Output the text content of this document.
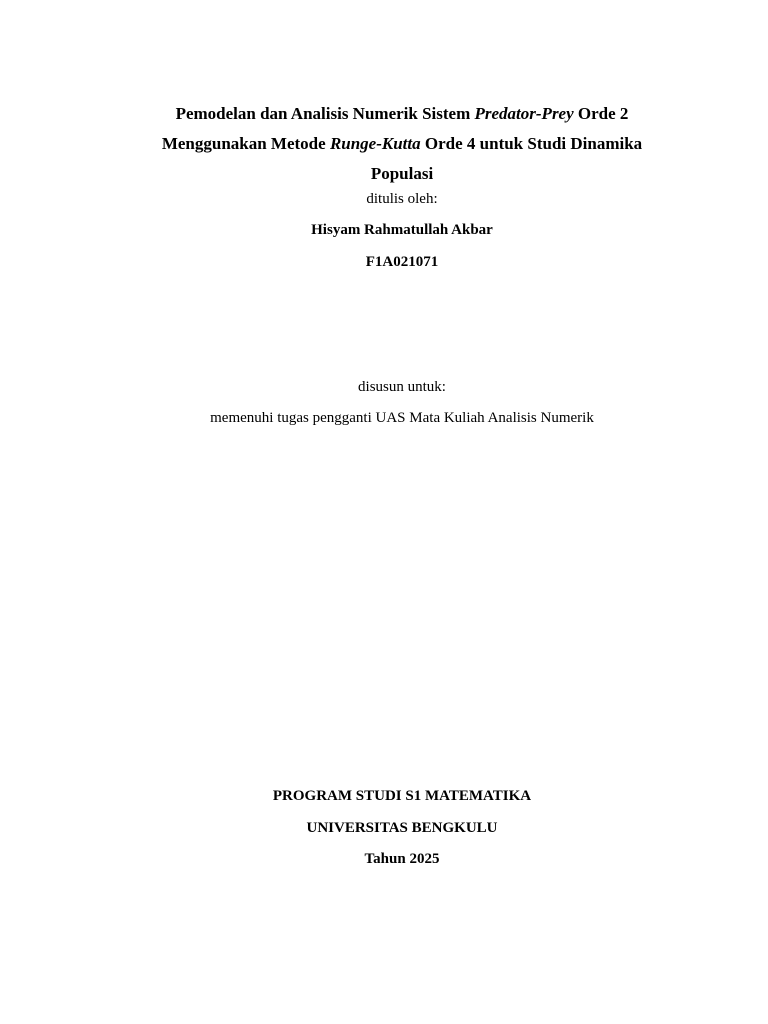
Pemodelan dan Analisis Numerik Sistem Predator-Prey Orde 2
Menggunakan Metode Runge-Kutta Orde 4 untuk Studi Dinamika
Populasi
ditulis oleh:
Hisyam Rahmatullah Akbar
F1A021071
disusun untuk:
memenuhi tugas pengganti UAS Mata Kuliah Analisis Numerik
PROGRAM STUDI S1 MATEMATIKA
UNIVERSITAS BENGKULU
Tahun 2025
